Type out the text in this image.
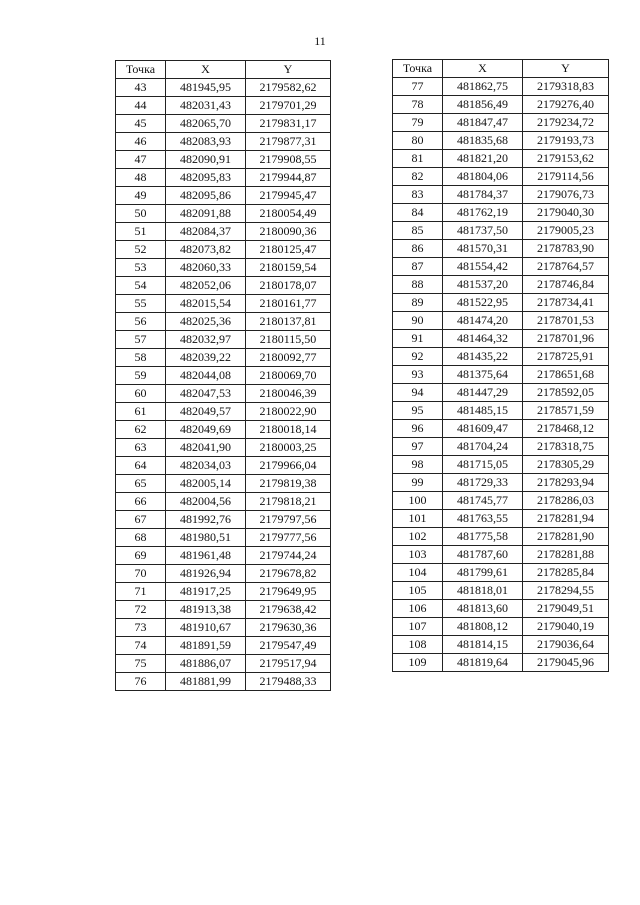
11
Точка	X	Y
43	481945,95	2179582,62
44	482031,43	2179701,29
45	482065,70	2179831,17
46	482083,93	2179877,31
47	482090,91	2179908,55
48	482095,83	2179944,87
49	482095,86	2179945,47
50	482091,88	2180054,49
51	482084,37	2180090,36
52	482073,82	2180125,47
53	482060,33	2180159,54
54	482052,06	2180178,07
55	482015,54	2180161,77
56	482025,36	2180137,81
57	482032,97	2180115,50
58	482039,22	2180092,77
59	482044,08	2180069,70
60	482047,53	2180046,39
61	482049,57	2180022,90
62	482049,69	2180018,14
63	482041,90	2180003,25
64	482034,03	2179966,04
65	482005,14	2179819,38
66	482004,56	2179818,21
67	481992,76	2179797,56
68	481980,51	2179777,56
69	481961,48	2179744,24
70	481926,94	2179678,82
71	481917,25	2179649,95
72	481913,38	2179638,42
73	481910,67	2179630,36
74	481891,59	2179547,49
75	481886,07	2179517,94
76	481881,99	2179488,33
Точка	X	Y
77	481862,75	2179318,83
78	481856,49	2179276,40
79	481847,47	2179234,72
80	481835,68	2179193,73
81	481821,20	2179153,62
82	481804,06	2179114,56
83	481784,37	2179076,73
84	481762,19	2179040,30
85	481737,50	2179005,23
86	481570,31	2178783,90
87	481554,42	2178764,57
88	481537,20	2178746,84
89	481522,95	2178734,41
90	481474,20	2178701,53
91	481464,32	2178701,96
92	481435,22	2178725,91
93	481375,64	2178651,68
94	481447,29	2178592,05
95	481485,15	2178571,59
96	481609,47	2178468,12
97	481704,24	2178318,75
98	481715,05	2178305,29
99	481729,33	2178293,94
100	481745,77	2178286,03
101	481763,55	2178281,94
102	481775,58	2178281,90
103	481787,60	2178281,88
104	481799,61	2178285,84
105	481818,01	2178294,55
106	481813,60	2179049,51
107	481808,12	2179040,19
108	481814,15	2179036,64
109	481819,64	2179045,96
